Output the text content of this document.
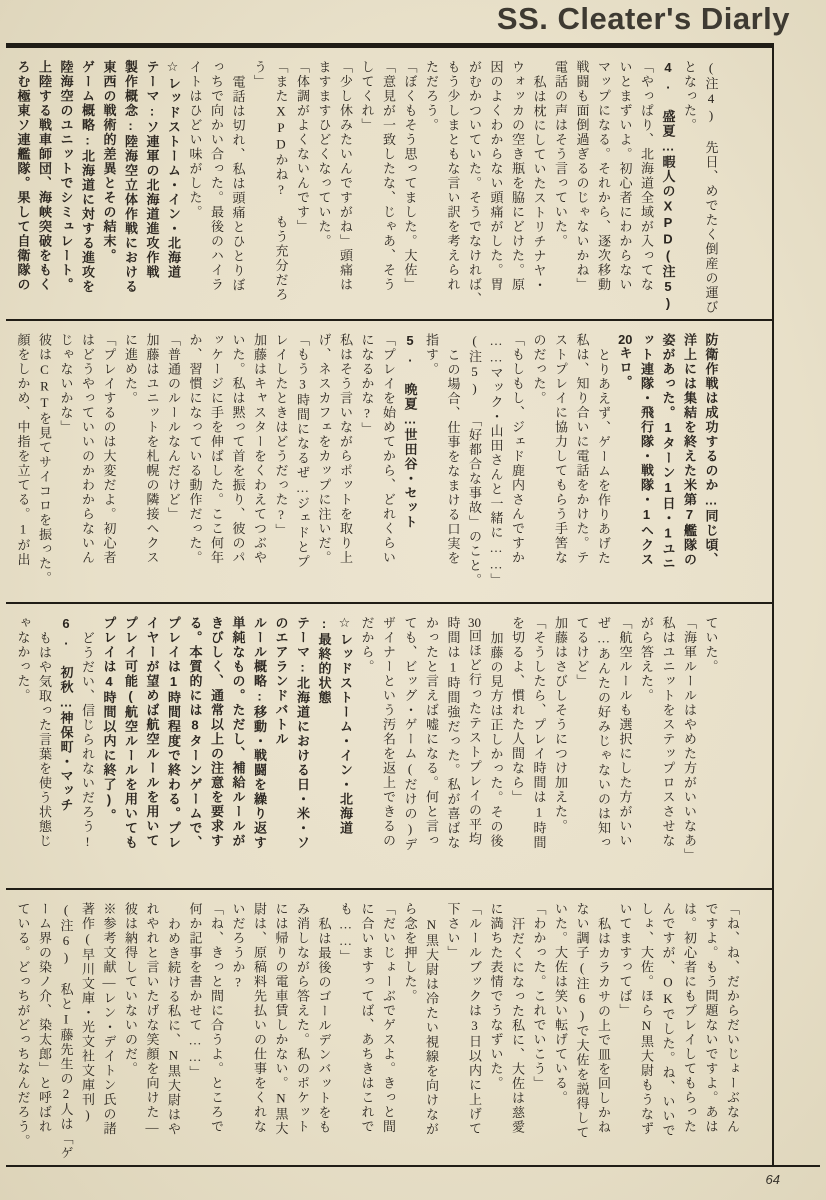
SS. Cleater's Diarly
(注4) 先日、めでたく倒産の運び
となった。
4. 盛夏…暇人のXPD(注5)
「やっぱり、北海道全域が入ってな
いとまずいよ。初心者にわからない
マップになる。それから、逐次移動
戦闘も面倒過ぎるのじゃないかね」
電話の声はそう言っていた。
私は枕にしていたストリチナヤ・
ウォッカの空き瓶を脇にどけた。原
因のよくわからない頭痛がした。胃
がむかついていた。そうでなければ、
もう少しまともな言い訳を考えられ
ただろう。
「ぼくもそう思ってました。大佐」
「意見が一致したな、じゃあ、そう
してくれ」
「少し休みたいんですがね」頭痛は
ますますひどくなっていた。
「体調がよくないんです」
「またXPDかね? もう充分だろ
う」
電話は切れ、私は頭痛とひとりぼ
っちで向かい合った。最後のハイラ
イトはひどい味がした。
☆レッドストーム・イン・北海道
テーマ:ソ連軍の北海道進攻作戦
製作概念:陸海空立体作戦における
東西の戦術的差異とその結末。
ゲーム概略:北海道に対する進攻を
陸海空のユニットでシミュレート。
上陸する戦車師団、海峡突破をもく
ろむ極東ソ連艦隊。果して自衛隊の
防衛作戦は成功するのか…同じ頃、
洋上には集結を終えた米第7艦隊の
姿があった。1ターン1日・1ユニ
ット連隊・飛行隊・戦隊・1ヘクス
20キロ。
とりあえず、ゲームを作りあげた
私は、知り合いに電話をかけた。テ
ストプレイに協力してもらう手筈な
のだった。
「もしもし、ジェド鹿内さんですか
……マック・山田さんと一緒に……」
(注5) 「好都合な事故」のこと。
この場合、仕事をなまける口実を
指す。
5. 晩夏…世田谷・セット
「プレイを始めてから、どれくらい
になるかな?」
私はそう言いながらポットを取り上
げ、ネスカフェをカップに注いだ。
「もう3時間になるぜ…ジェドとプ
レイしたときはどうだった?」
加藤はキャスターをくわえてつぶや
いた。私は黙って首を振り、彼のパ
ッケージに手を伸ばした。ここ何年
か、習慣になっている動作だった。
「普通のルールなんだけど」
加藤はユニットを札幌の隣接ヘクス
に進めた。
「プレイするのは大変だよ。初心者
はどうやっていいのかわからないん
じゃないかな」
彼はCRTを見てサイコロを振った。
顔をしかめ、中指を立てる。1が出
ていた。
「海軍ルールはやめた方がいいなあ」
私はユニットをステップロスさせな
がら答えた。
「航空ルールも選択にした方がいい
ぜ…あんたの好みじゃないのは知っ
てるけど」
加藤はさびしそうにつけ加えた。
「そうしたら、プレイ時間は1時間
を切るよ、慣れた人間なら」
加藤の見方は正しかった。その後
30回ほど行ったテストプレイの平均
時間は1時間強だった。私が喜ばな
かったと言えば嘘になる。何と言っ
ても、ビッグ・ゲーム(だけの)デ
ザイナーという汚名を返上できるの
だから。
☆レッドストーム・イン・北海道
:最終的状態
テーマ:北海道における日・米・ソ
のエアランドバトル
ルール概略:移動・戦闘を繰り返す
単純なもの。ただし、補給ルールが
きびしく、通常以上の注意を要求す
る。本質的には8ターンゲームで、
プレイは1時間程度で終わる。プレ
イヤーが望めば航空ルールを用いて
プレイ可能(航空ルールを用いても
プレイは4時間以内に終了)。
どうだい、信じられないだろう!
6. 初秋…神保町・マッチ
もはや気取った言葉を使う状態じ
ゃなかった。
「ね、ね、だからだいじょーぶなん
ですよ。もう問題ないですよ。あは
は。初心者にもプレイしてもらった
んですが、OKでした。ね、いいで
しょ、大佐。ほらN黒大尉もうなず
いてますってば」
私はカラカサの上で皿を回しかね
ない調子(注6)で大佐を説得して
いた。大佐は笑い転げている。
「わかった。これでいこう」
汗だくになった私に、大佐は慈愛
に満ちた表情でうなずいた。
「ルールブックは3日以内に上げて
下さい」
N黒大尉は冷たい視線を向けなが
ら念を押した。
「だいじょーぶでゲスよ。きっと間
に合いますってば、あちきはこれで
も……」
私は最後のゴールデンバットをも
み消しながら答えた。私のポケット
には帰りの電車賃しかない。N黒大
尉は、原稿料先払いの仕事をくれな
いだろうか?
「ね、きっと間に合うよ。ところで
何か記事を書かせて……」
わめき続ける私に、N黒大尉はや
れやれと言いたげな笑顔を向けた―
彼は納得していないのだ。
※参考文献―レン・デイトン氏の諸
著作(早川文庫・光文社文庫刊)
(注6) 私とI藤先生の2人は「ゲ
ーム界の染ノ介、染太郎」と呼ばれ
ている。どっちがどっちなんだろう。
64
